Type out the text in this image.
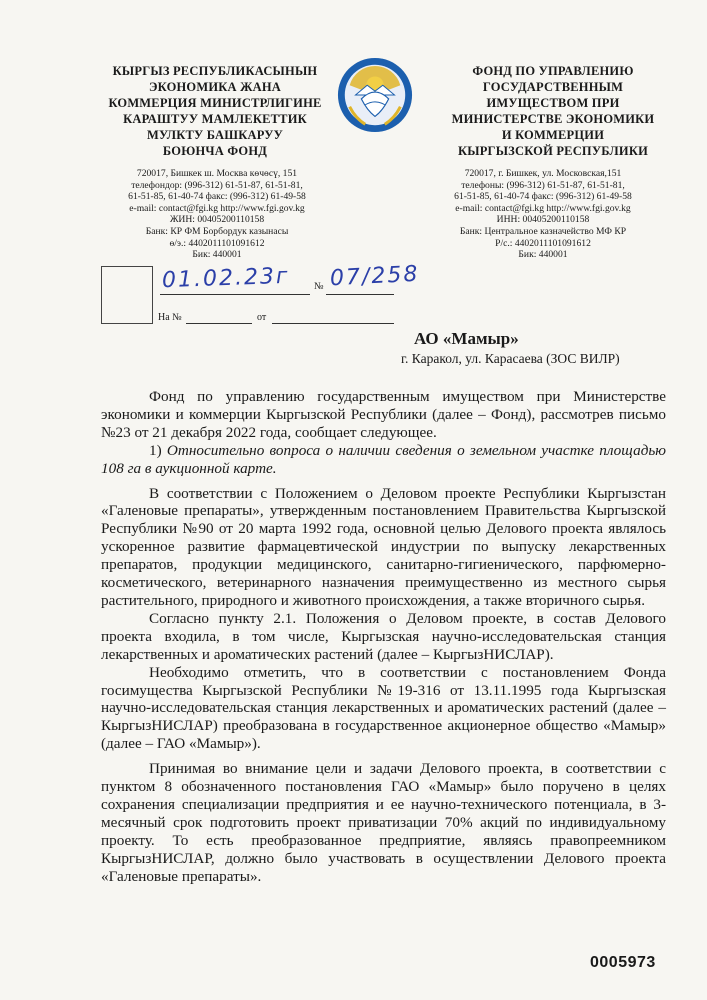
КЫРГЫЗ РЕСПУБЛИКАСЫНЫН
ЭКОНОМИКА ЖАНА
КОММЕРЦИЯ МИНИСТРЛИГИНЕ
КАРАШТУУ МАМЛЕКЕТТИК
МУЛКТУ БАШКАРУУ
БОЮНЧА ФОНД
ФОНД ПО УПРАВЛЕНИЮ
ГОСУДАРСТВЕННЫМ
ИМУЩЕСТВОМ ПРИ
МИНИСТЕРСТВЕ ЭКОНОМИКИ
И КОММЕРЦИИ
КЫРГЫЗСКОЙ РЕСПУБЛИКИ
720017, Бишкек ш. Москва көчөсү, 151
телефондор: (996-312) 61-51-87, 61-51-81,
61-51-85, 61-40-74 факс: (996-312) 61-49-58
e-mail: contact@fgi.kg http://www.fgi.gov.kg
ЖИН: 00405200110158
Банк: КР ФМ Борбордук казынасы
ө/э.: 4402011101091612
Бик: 440001
720017, г. Бишкек, ул. Московская,151
телефоны: (996-312) 61-51-87, 61-51-81,
61-51-85, 61-40-74 факс: (996-312) 61-49-58
e-mail: contact@fgi.kg http://www.fgi.gov.kg
ИНН: 00405200110158
Банк: Центральное казначейство МФ КР
Р/с.: 4402011101091612
Бик: 440001
01.02.23г № 07/258
На №	от
АО «Мамыр»
г. Каракол, ул. Карасаева (ЗОС ВИЛР)

Фонд по управлению государственным имуществом при Министерстве экономики и коммерции Кыргызской Республики (далее – Фонд), рассмотрев письмо №23 от 21 декабря 2022 года, сообщает следующее.

1) Относительно вопроса о наличии сведения о земельном участке площадью 108 га в аукционной карте.

В соответствии с Положением о Деловом проекте Республики Кыргызстан «Галеновые препараты», утвержденным постановлением Правительства Кыргызской Республики №90 от 20 марта 1992 года, основной целью Делового проекта являлось ускоренное развитие фармацевтической индустрии по выпуску лекарственных препаратов, продукции медицинского, санитарно-гигиенического, парфюмерно-косметического, ветеринарного назначения преимущественно из местного сырья растительного, природного и животного происхождения, а также вторичного сырья.

Согласно пункту 2.1. Положения о Деловом проекте, в состав Делового проекта входила, в том числе, Кыргызская научно-исследовательская станция лекарственных и ароматических растений (далее – КыргызНИСЛАР).

Необходимо отметить, что в соответствии с постановлением Фонда госимущества Кыргызской Республики №19-316 от 13.11.1995 года Кыргызская научно-исследовательская станция лекарственных и ароматических растений (далее – КыргызНИСЛАР) преобразована в государственное акционерное общество «Мамыр» (далее – ГАО «Мамыр»).

Принимая во внимание цели и задачи Делового проекта, в соответствии с пунктом 8 обозначенного постановления ГАО «Мамыр» было поручено в целях сохранения специализации предприятия и ее научно-технического потенциала, в 3-месячный срок подготовить проект приватизации 70% акций по индивидуальному проекту. То есть преобразованное предприятие, являясь правопреемником КыргызНИСЛАР, должно было участвовать в осуществлении Делового проекта «Галеновые препараты».

0005973
